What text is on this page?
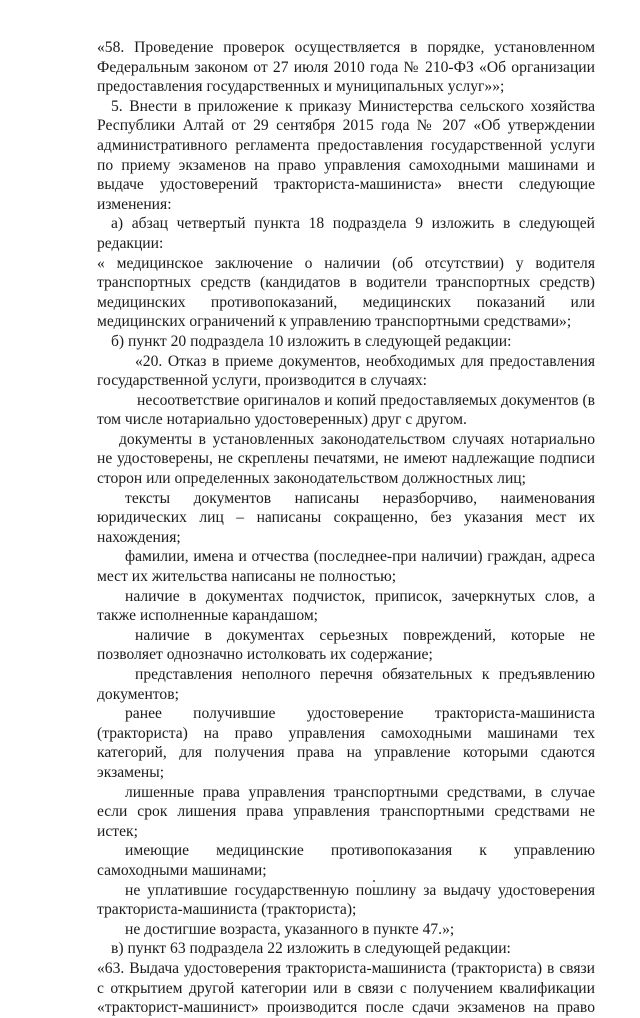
«58. Проведение проверок осуществляется в порядке, установленном Федеральным законом от 27 июля 2010 года № 210-ФЗ «Об организации предоставления государственных и муниципальных услуг»»;

5. Внести в приложение к приказу Министерства сельского хозяйства Республики Алтай от 29 сентября 2015 года № 207 «Об утверждении административного регламента предоставления государственной услуги по приему экзаменов на право управления самоходными машинами и выдаче удостоверений тракториста-машиниста» внести следующие изменения:

а) абзац четвертый пункта 18 подраздела 9 изложить в следующей редакции:

« медицинское заключение о наличии (об отсутствии) у водителя транспортных средств (кандидатов в водители транспортных средств) медицинских противопоказаний, медицинских показаний или медицинских ограничений к управлению транспортными средствами»;

б) пункт 20 подраздела 10 изложить в следующей редакции:

«20. Отказ в приеме документов, необходимых для предоставления государственной услуги, производится в случаях:

несоответствие оригиналов и копий предоставляемых документов (в том числе нотариально удостоверенных) друг с другом.

документы в установленных законодательством случаях нотариально не удостоверены, не скреплены печатями, не имеют надлежащие подписи сторон или определенных законодательством должностных лиц;

тексты документов написаны неразборчиво, наименования юридических лиц – написаны сокращенно, без указания мест их нахождения;

фамилии, имена и отчества (последнее-при наличии) граждан, адреса мест их жительства написаны не полностью;

наличие в документах подчисток, приписок, зачеркнутых слов, а также исполненные карандашом;

наличие в документах серьезных повреждений, которые не позволяет однозначно истолковать их содержание;

представления неполного перечня обязательных к предъявлению документов;

ранее получившие удостоверение тракториста-машиниста (тракториста) на право управления самоходными машинами тех категорий, для получения права на управление которыми сдаются экзамены;

лишенные права управления транспортными средствами, в случае если срок лишения права управления транспортными средствами не истек;

имеющие медицинские противопоказания к управлению самоходными машинами;

не уплатившие государственную пошлину за выдачу удостоверения тракториста-машиниста (тракториста);

не достигшие возраста, указанного в пункте 47.»;

в) пункт 63 подраздела 22 изложить в следующей редакции:

«63. Выдача удостоверения тракториста-машиниста (тракториста) в связи с открытием другой категории или в связи с получением квалификации «тракторист-машинист» производится после сдачи экзаменов на право
